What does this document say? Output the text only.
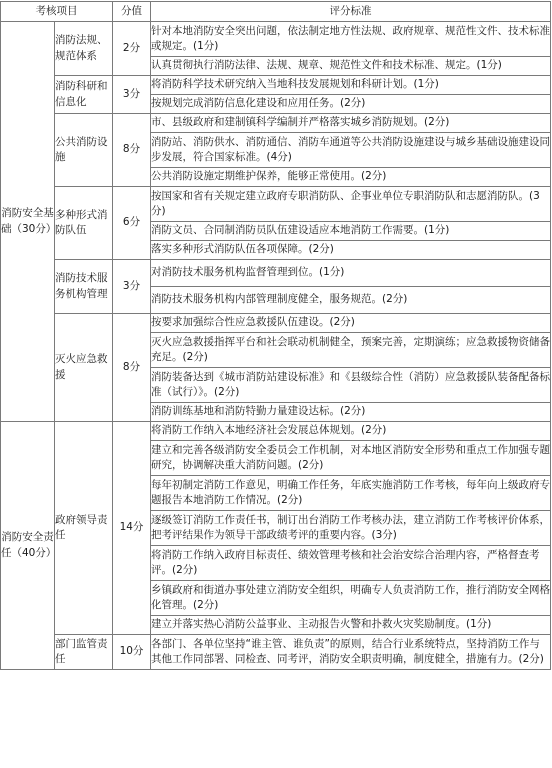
考核项目		分值	评分标准
消防安全基础（30分）	消防法规、规范体系	2分	针对本地消防安全突出问题，依法制定地方性法规、政府规章、规范性文件、技术标准或规定。(1分)
			认真贯彻执行消防法律、法规、规章、规范性文件和技术标准、规定。(1分)
	消防科研和信息化	3分	将消防科学技术研究纳入当地科技发展规划和科研计划。(1分)
			按规划完成消防信息化建设和应用任务。(2分)
	公共消防设施	8分	市、县级政府和建制镇科学编制并严格落实城乡消防规划。(2分)
			消防站、消防供水、消防通信、消防车通道等公共消防设施建设与城乡基础设施建设同步发展，符合国家标准。(4分)
			公共消防设施定期维护保养，能够正常使用。(2分)
	多种形式消防队伍	6分	按国家和省有关规定建立政府专职消防队、企事业单位专职消防队和志愿消防队。(3分)
			消防文员、合同制消防员队伍建设适应本地消防工作需要。(1分)
			落实多种形式消防队伍各项保障。(2分)
	消防技术服务机构管理	3分	对消防技术服务机构监督管理到位。(1分)
			消防技术服务机构内部管理制度健全，服务规范。(2分)
	灭火应急救援	8分	按要求加强综合性应急救援队伍建设。(2分)
			灭火应急救援指挥平台和社会联动机制健全，预案完善，定期演练；应急救援物资储备充足。(2分)
			消防装备达到《城市消防站建设标准》和《县级综合性（消防）应急救援队装备配备标准（试行）》。(2分)
			消防训练基地和消防特勤力量建设达标。(2分)
消防安全责任（40分）	政府领导责任	14分	将消防工作纳入本地经济社会发展总体规划。(2分)
			建立和完善各级消防安全委员会工作机制，对本地区消防安全形势和重点工作加强专题研究，协调解决重大消防问题。(2分)
			每年初制定消防工作意见，明确工作任务，年底实施消防工作考核，每年向上级政府专题报告本地消防工作情况。(2分)
			逐级签订消防工作责任书，制订出台消防工作考核办法，建立消防工作考核评价体系，把考评结果作为领导干部政绩考评的重要内容。(3分)
			将消防工作纳入政府目标责任、绩效管理考核和社会治安综合治理内容，严格督查考评。(2分)
			乡镇政府和街道办事处建立消防安全组织，明确专人负责消防工作，推行消防安全网格化管理。(2分)
			建立并落实热心消防公益事业、主动报告火警和扑救火灾奖励制度。(1分)
	部门监管责任	10分	各部门、各单位坚持“谁主管、谁负责”的原则，结合行业系统特点，坚持消防工作与其他工作同部署、同检查、同考评，消防安全职责明确，制度健全，措施有力。(2分)
